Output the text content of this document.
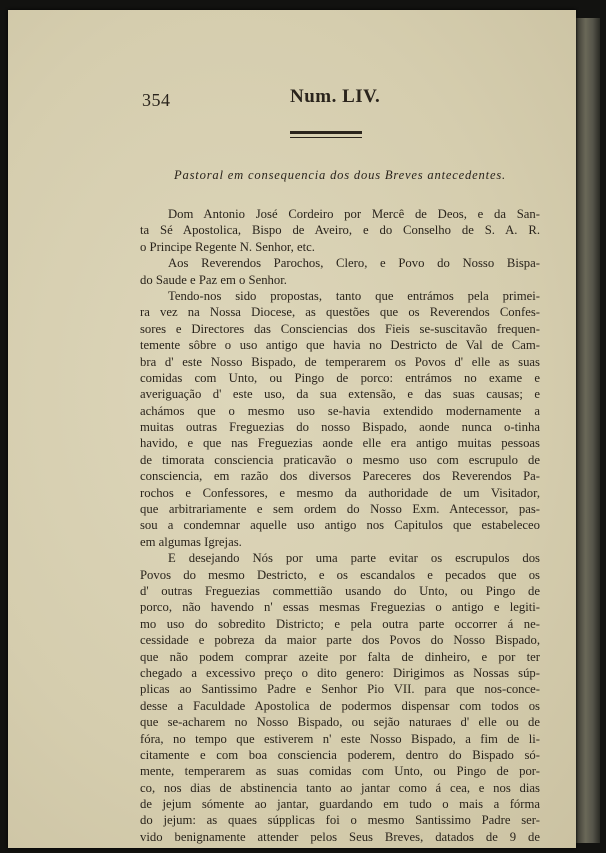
354	Num. LIV.
Pastoral em consequencia dos dous Breves antecedentes.
Dom Antonio José Cordeiro por Mercê de Deos, e da San-
ta Sé Apostolica, Bispo de Aveiro, e do Conselho de S. A. R.
o Principe Regente N. Senhor, etc.
Aos Reverendos Parochos, Clero, e Povo do Nosso Bispa-
do Saude e Paz em o Senhor.
Tendo-nos sido propostas, tanto que entrámos pela primei-
ra vez na Nossa Diocese, as questões que os Reverendos Confes-
sores e Directores das Consciencias dos Fieis se-suscitavão frequen-
temente sôbre o uso antigo que havia no Destricto de Val de Cam-
bra d' este Nosso Bispado, de temperarem os Povos d' elle as suas
comidas com Unto, ou Pingo de porco: entrámos no exame e
averiguação d' este uso, da sua extensão, e das suas causas; e
achámos que o mesmo uso se-havia extendido modernamente a
muitas outras Freguezias do nosso Bispado, aonde nunca o-tinha
havido, e que nas Freguezias aonde elle era antigo muitas pessoas
de timorata consciencia praticavão o mesmo uso com escrupulo de
consciencia, em razão dos diversos Pareceres dos Reverendos Pa-
rochos e Confessores, e mesmo da authoridade de um Visitador,
que arbitrariamente e sem ordem do Nosso Exm. Antecessor, pas-
sou a condemnar aquelle uso antigo nos Capitulos que estabeleceo
em algumas Igrejas.
E desejando Nós por uma parte evitar os escrupulos dos
Povos do mesmo Destricto, e os escandalos e pecados que os
d' outras Freguezias commettião usando do Unto, ou Pingo de
porco, não havendo n' essas mesmas Freguezias o antigo e legiti-
mo uso do sobredito Districto; e pela outra parte occorrer á ne-
cessidade e pobreza da maior parte dos Povos do Nosso Bispado,
que não podem comprar azeite por falta de dinheiro, e por ter
chegado a excessivo preço o dito genero: Dirigimos as Nossas súp-
plicas ao Santissimo Padre e Senhor Pio VII. para que nos-conce-
desse a Faculdade Apostolica de podermos dispensar com todos os
que se-acharem no Nosso Bispado, ou sejão naturaes d' elle ou de
fóra, no tempo que estiverem n' este Nosso Bispado, a fim de li-
citamente e com boa consciencia poderem, dentro do Bispado só-
mente, temperarem as suas comidas com Unto, ou Pingo de por-
co, nos dias de abstinencia tanto ao jantar como á cea, e nos dias
de jejum sómente ao jantar, guardando em tudo o mais a fórma
do jejum: as quaes súpplicas foi o mesmo Santissimo Padre ser-
vido benignamente attender pelos Seus Breves, datados de 9 de
